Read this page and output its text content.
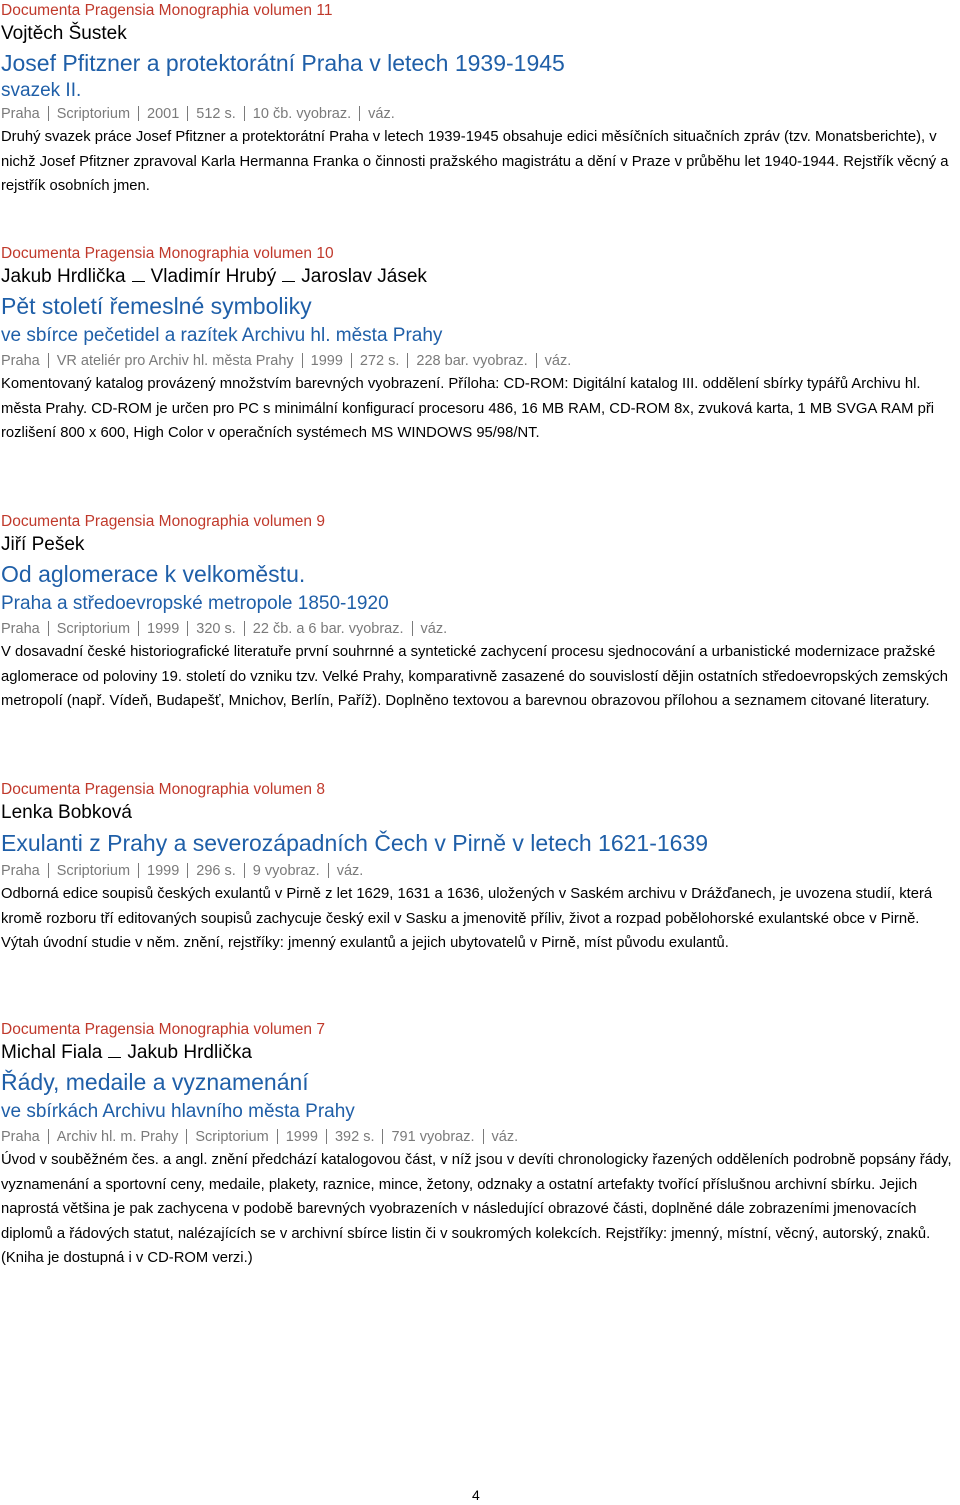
Documenta Pragensia Monographia volumen 11
Vojtěch Šustek
Josef Pfitzner a protektorátní Praha v letech 1939-1945
svazek II.
Praha Scriptorium 2001 512 s. 10 čb. vyobraz. váz.

Druhý svazek práce Josef Pfitzner a protektorátní Praha v letech 1939-1945 obsahuje edici měsíčních situačních zpráv (tzv. Monatsberichte), v nichž Josef Pfitzner zpravoval Karla Hermanna Franka o činnosti pražského magistrátu a dění v Praze v průběhu let 1940-1944. Rejstřík věcný a rejstřík osobních jmen.

Documenta Pragensia Monographia volumen 10
Jakub Hrdlička Vladimír Hrubý Jaroslav Jásek
Pět století řemeslné symboliky
ve sbírce pečetidel a razítek Archivu hl. města Prahy
Praha VR ateliér pro Archiv hl. města Prahy 1999 272 s. 228 bar. vyobraz. váz.

Komentovaný katalog provázený množstvím barevných vyobrazení. Příloha: CD-ROM: Digitální katalog III. oddělení sbírky typářů Archivu hl. města Prahy. CD-ROM je určen pro PC s minimální konfigurací procesoru 486, 16 MB RAM, CD-ROM 8x, zvuková karta, 1 MB SVGA RAM při rozlišení 800 x 600, High Color v operačních systémech MS WINDOWS 95/98/NT.

Documenta Pragensia Monographia volumen 9
Jiří Pešek
Od aglomerace k velkoměstu.
Praha a středoevropské metropole 1850-1920
Praha Scriptorium 1999 320 s. 22 čb. a 6 bar. vyobraz. váz.

V dosavadní české historiografické literatuře první souhrnné a syntetické zachycení procesu sjednocování a urbanistické modernizace pražské aglomerace od poloviny 19. století do vzniku tzv. Velké Prahy, komparativně zasazené do souvislostí dějin ostatních středoevropských zemských metropolí (např. Vídeň, Budapešť, Mnichov, Berlín, Paříž). Doplněno textovou a barevnou obrazovou přílohou a seznamem citované literatury.

Documenta Pragensia Monographia volumen 8
Lenka Bobková
Exulanti z Prahy a severozápadních Čech v Pirně v letech 1621-1639
Praha Scriptorium 1999 296 s. 9 vyobraz. váz.

Odborná edice soupisů českých exulantů v Pirně z let 1629, 1631 a 1636, uložených v Saském archivu v Drážďanech, je uvozena studií, která kromě rozboru tří editovaných soupisů zachycuje český exil v Sasku a jmenovitě příliv, život a rozpad pobělohorské exulantské obce v Pirně. Výtah úvodní studie v něm. znění, rejstříky: jmenný exulantů a jejich ubytovatelů v Pirně, míst původu exulantů.

Documenta Pragensia Monographia volumen 7
Michal Fiala Jakub Hrdlička
Řády, medaile a vyznamenání
ve sbírkách Archivu hlavního města Prahy
Praha Archiv hl. m. Prahy Scriptorium 1999 392 s. 791 vyobraz. váz.

Úvod v souběžném čes. a angl. znění předchází katalogovou část, v níž jsou v devíti chronologicky řazených odděleních podrobně popsány řády, vyznamenání a sportovní ceny, medaile, plakety, raznice, mince, žetony, odznaky a ostatní artefakty tvořící příslušnou archivní sbírku. Jejich naprostá většina je pak zachycena v podobě barevných vyobrazeních v následující obrazové části, doplněné dále zobrazeními jmenovacích diplomů a řádových statut, nalézajících se v archivní sbírce listin či v soukromých kolekcích. Rejstříky: jmenný, místní, věcný, autorský, znaků. (Kniha je dostupná i v CD-ROM verzi.)

4
